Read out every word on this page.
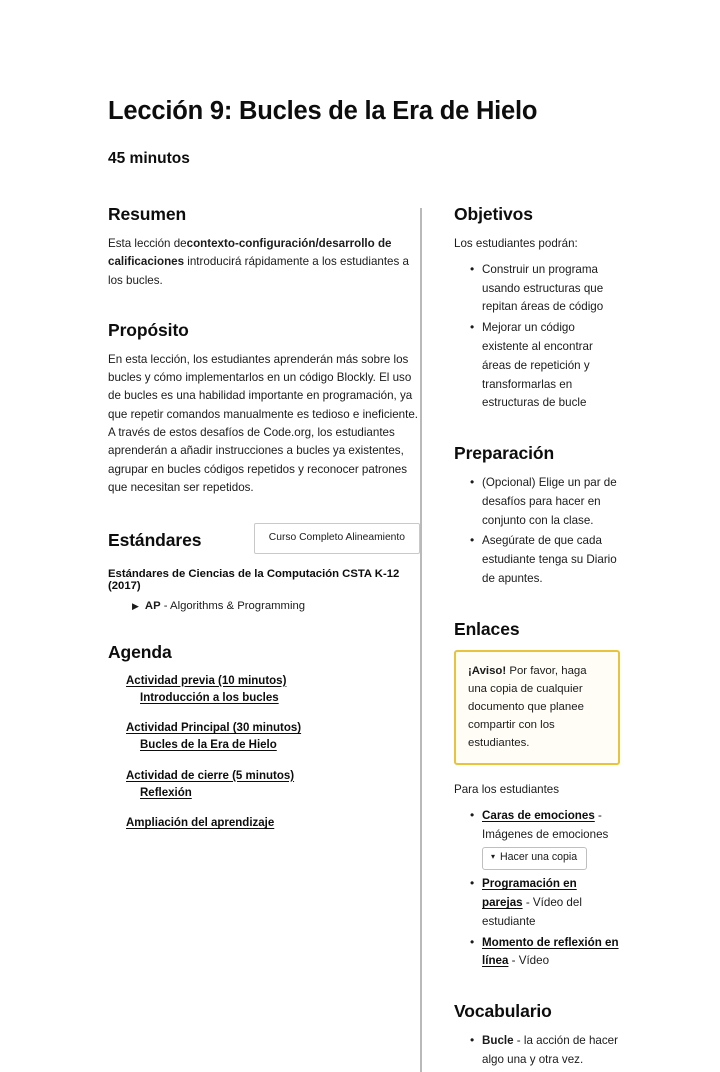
Lección 9: Bucles de la Era de Hielo
45 minutos
Resumen

Esta lección decontexto-configuración/desarrollo de calificaciones introducirá rápidamente a los estudiantes a los bucles.

Propósito

En esta lección, los estudiantes aprenderán más sobre los bucles y cómo implementarlos en un código Blockly. El uso de bucles es una habilidad importante en programación, ya que repetir comandos manualmente es tedioso e ineficiente. A través de estos desafíos de Code.org, los estudiantes aprenderán a añadir instrucciones a bucles ya existentes, agrupar en bucles códigos repetidos y reconocer patrones que necesitan ser repetidos.

Estándares	Curso Completo Alineamiento
Estándares de Ciencias de la Computación CSTA K-12 (2017)
▶ AP - Algorithms & Programming
Agenda
Actividad previa (10 minutos)
Introducción a los bucles
Actividad Principal (30 minutos)
Bucles de la Era de Hielo
Actividad de cierre (5 minutos)
Reflexión
Ampliación del aprendizaje
Objetivos

Los estudiantes podrán:

• Construir un programa usando estructuras que repitan áreas de código
• Mejorar un código existente al encontrar áreas de repetición y transformarlas en estructuras de bucle
Preparación
• (Opcional) Elige un par de desafíos para hacer en conjunto con la clase.
• Asegúrate de que cada estudiante tenga su Diario de apuntes.
Enlaces
¡Aviso! Por favor, haga una copia de cualquier documento que planee compartir con los estudiantes.

Para los estudiantes

• Caras de emociones - Imágenes de emociones

▾ Hacer una copia
• Programación en parejas - Vídeo del estudiante
• Momento de reflexión en línea - Vídeo
Vocabulario
• Bucle - la acción de hacer algo una y otra vez.
